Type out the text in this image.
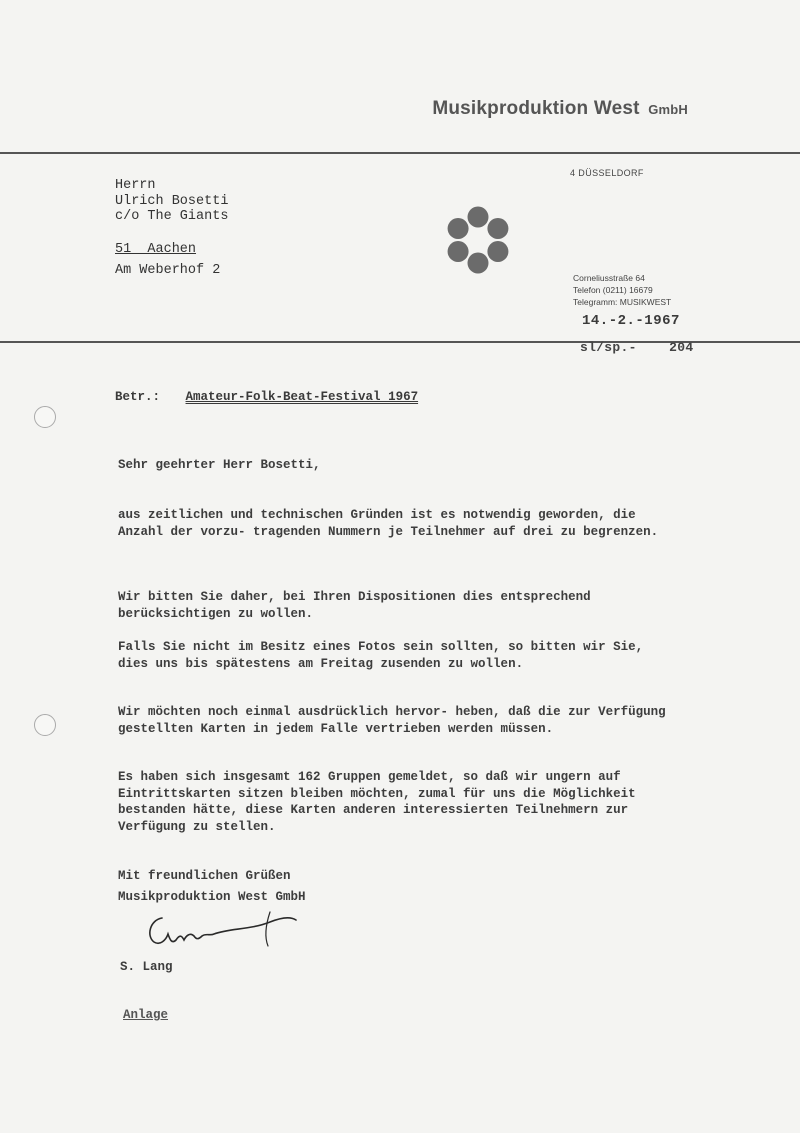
Musikproduktion West GmbH
4 DÜSSELDORF
Corneliusstraße 64
Telefon (0211) 16679
Telegramm: MUSIKWEST
Herrn
Ulrich Bosetti
c/o The Giants
51  Aachen
Am Weberhof 2
14.-2.-1967
sl/sp.-    204
Betr.: Amateur-Folk-Beat-Festival 1967
Sehr geehrter Herr Bosetti,

aus zeitlichen und technischen Gründen ist es notwendig geworden, die Anzahl der vorzu- tragenden Nummern je Teilnehmer auf drei zu begrenzen.

Wir bitten Sie daher, bei Ihren Dispositionen dies entsprechend berücksichtigen zu wollen.

Falls Sie nicht im Besitz eines Fotos sein sollten, so bitten wir Sie, dies uns bis spätestens am Freitag zusenden zu wollen.

Wir möchten noch einmal ausdrücklich hervor- heben, daß die zur Verfügung gestellten Karten in jedem Falle vertrieben werden müssen.

Es haben sich insgesamt 162 Gruppen gemeldet, so daß wir ungern auf Eintrittskarten sitzen bleiben möchten, zumal für uns die Möglichkeit bestanden hätte, diese Karten anderen interessierten Teilnehmern zur Verfügung zu stellen.

Mit freundlichen Grüßen

Musikproduktion West GmbH

S. Lang
Anlage
